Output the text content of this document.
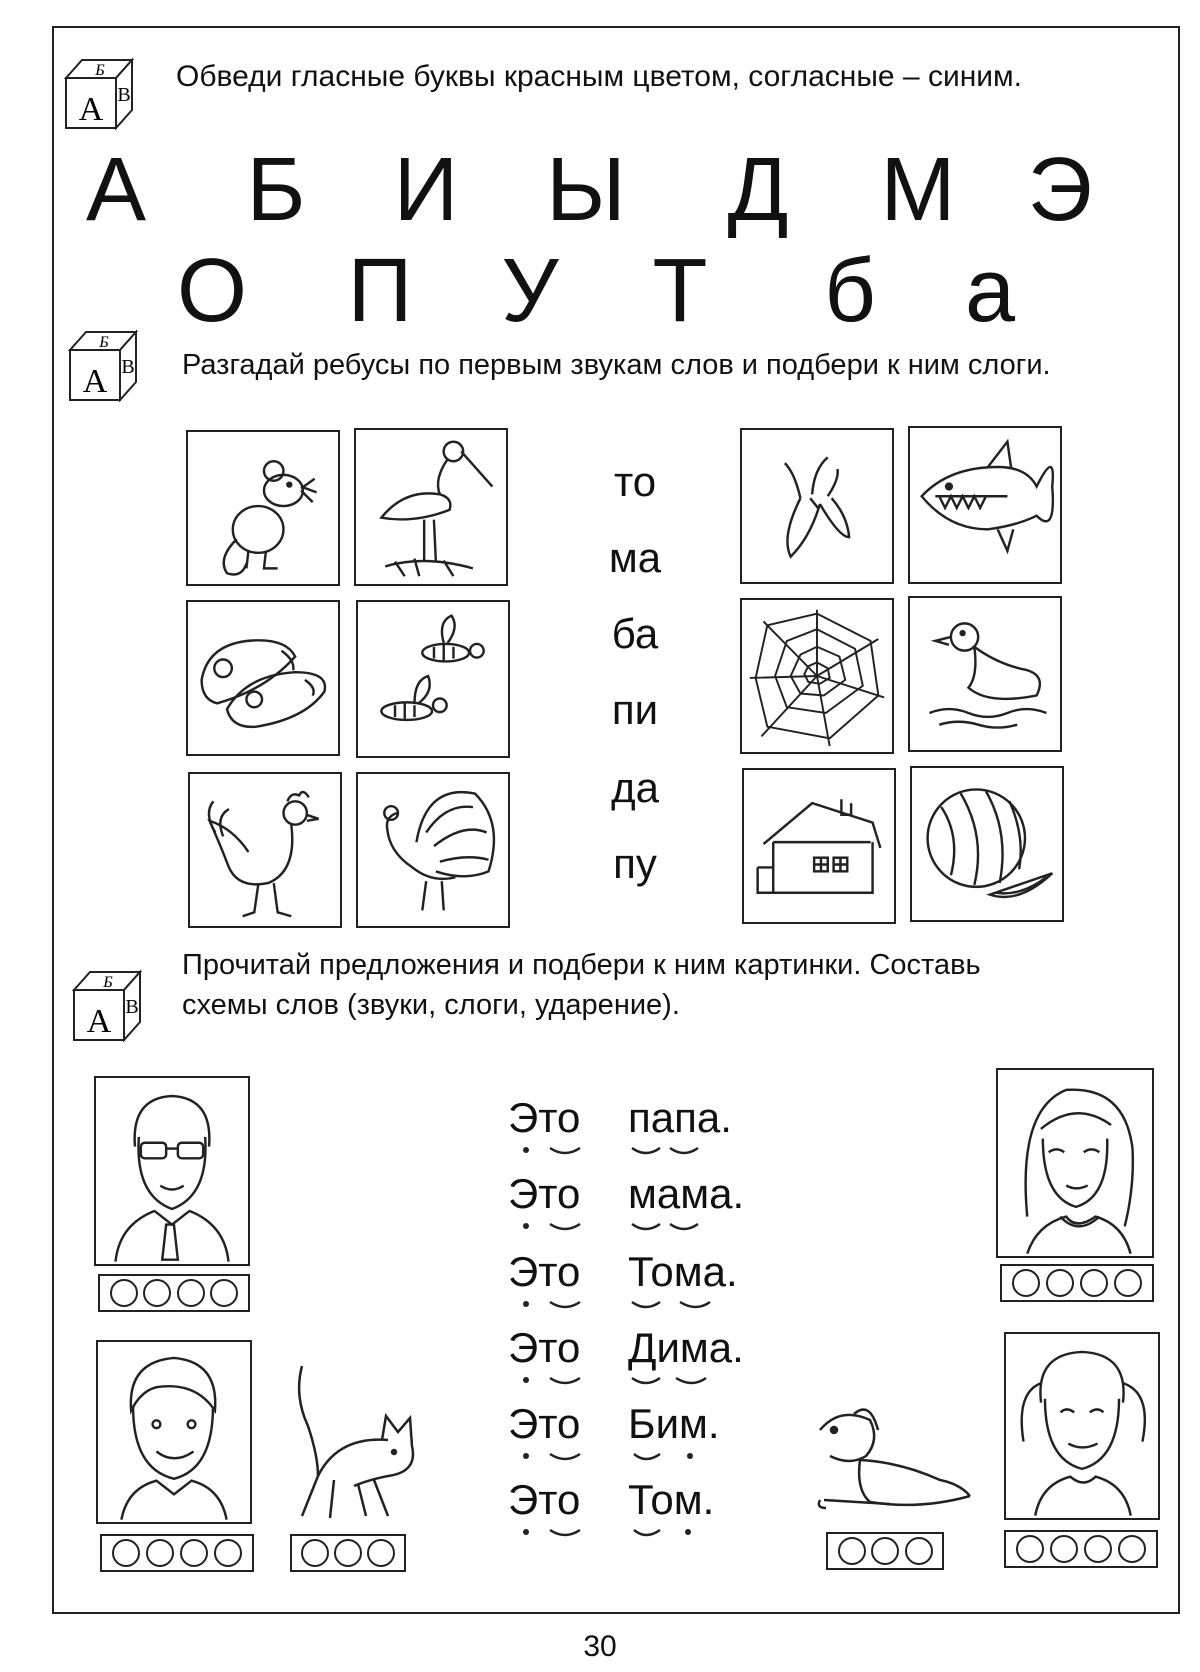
А
Б
В
А
Б
В
А
Б
В
Обведи гласные буквы красным цветом, согласные – синим.
А Б И Ы Д М Э
О П У Т б а
Разгадай ребусы по первым звукам слов и подбери к ним слоги.
то
ма
ба
пи
да
пу
Прочитай предложения и подбери к ним картинки. Составь
схемы слов (звуки, слоги, ударение).
Это папа.
Это мама.
Это Тома.
Это Дима.
Это Бим.
Это Том.
30
